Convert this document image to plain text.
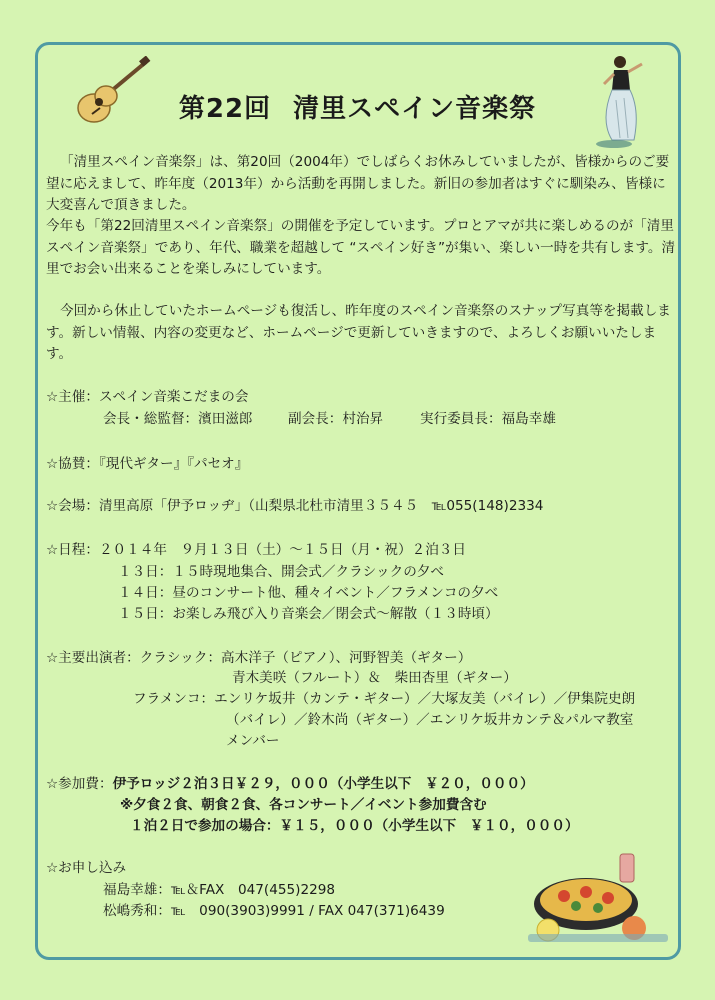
第22回 清里スペイン音楽祭
「清里スペイン音楽祭」は、第20回（2004年）でしばらくお休みしていましたが、皆様からのご要望に応えまして、昨年度（2013年）から活動を再開しました。新旧の参加者はすぐに馴染み、皆様に大変喜んで頂きました。
今年も「第22回清里スペイン音楽祭」の開催を予定しています。プロとアマが共に楽しめるのが「清里スペイン音楽祭」であり、年代、職業を超越して “スペイン好き”が集い、楽しい一時を共有します。清里でお会い出来ることを楽しみにしています。
今回から休止していたホームページも復活し、昨年度のスペイン音楽祭のスナップ写真等を掲載します。新しい情報、内容の変更など、ホームページで更新していきますので、よろしくお願いいたします。
☆主催：スペイン音楽こだまの会
会長・総監督：濱田滋郎	副会長：村治昇	実行委員長：福島幸雄
☆協賛：『現代ギター』『パセオ』
☆会場：清里高原「伊予ロッヂ」（山梨県北杜市清里３５４５　℡055(148)2334
☆日程：２０１４年　９月１３日（土）～１５日（月・祝）２泊３日
１３日：１５時現地集合、開会式／クラシックの夕べ
１４日：昼のコンサート他、種々イベント／フラメンコの夕べ
１５日：お楽しみ飛び入り音楽会／閉会式～解散（１３時頃）
☆主要出演者：クラシック：高木洋子（ピアノ）、河野智美（ギター）
青木美咲（フルート）＆　柴田杏里（ギター）
フラメンコ：エンリケ坂井（カンテ・ギター）／大塚友美（バイレ）／伊集院史朗
（バイレ）／鈴木尚（ギター）／エンリケ坂井カンテ＆パルマ教室
メンバー
☆参加費：伊予ロッジ２泊３日￥２９，０００（小学生以下　￥２０，０００）
※夕食２食、朝食２食、各コンサート／イベント参加費含む
１泊２日で参加の場合：￥１５，０００（小学生以下　￥１０，０００）
☆お申し込み
福島幸雄：℡＆FAX　047(455)2298
松嶋秀和：℡　090(3903)9991 / FAX 047(371)6439
